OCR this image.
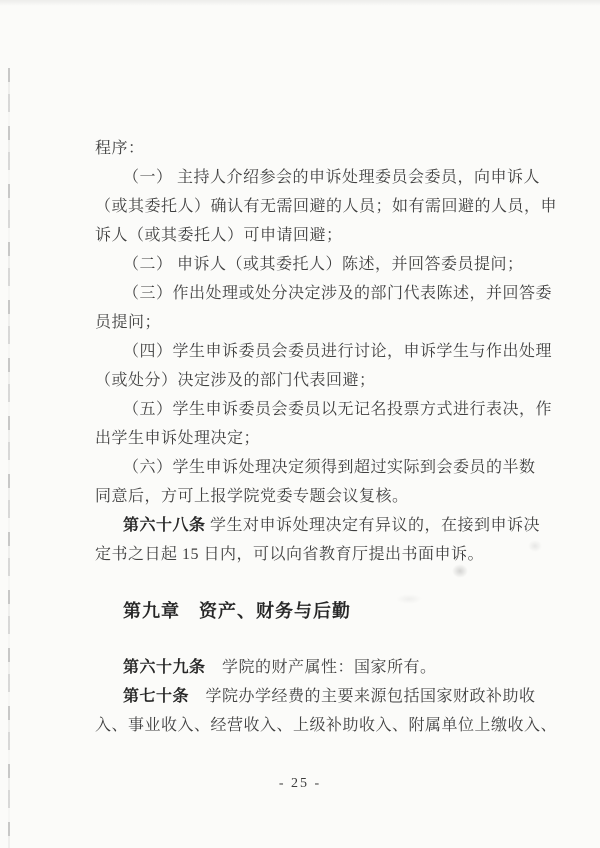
程序：
（一） 主持人介绍参会的申诉处理委员会委员，向申诉人
（或其委托人）确认有无需回避的人员；如有需回避的人员，申
诉人（或其委托人）可申请回避；
（二） 申诉人（或其委托人）陈述，并回答委员提问；
（三）作出处理或处分决定涉及的部门代表陈述，并回答委
员提问；
（四）学生申诉委员会委员进行讨论，申诉学生与作出处理
（或处分）决定涉及的部门代表回避；
（五）学生申诉委员会委员以无记名投票方式进行表决，作
出学生申诉处理决定；
（六）学生申诉处理决定须得到超过实际到会委员的半数
同意后，方可上报学院党委专题会议复核。
第六十八条 学生对申诉处理决定有异议的，在接到申诉决
定书之日起 15 日内，可以向省教育厅提出书面申诉。
第九章　资产、财务与后勤
第六十九条　学院的财产属性：国家所有。
第七十条　学院办学经费的主要来源包括国家财政补助收
入、事业收入、经营收入、上级补助收入、附属单位上缴收入、
- 25 -
